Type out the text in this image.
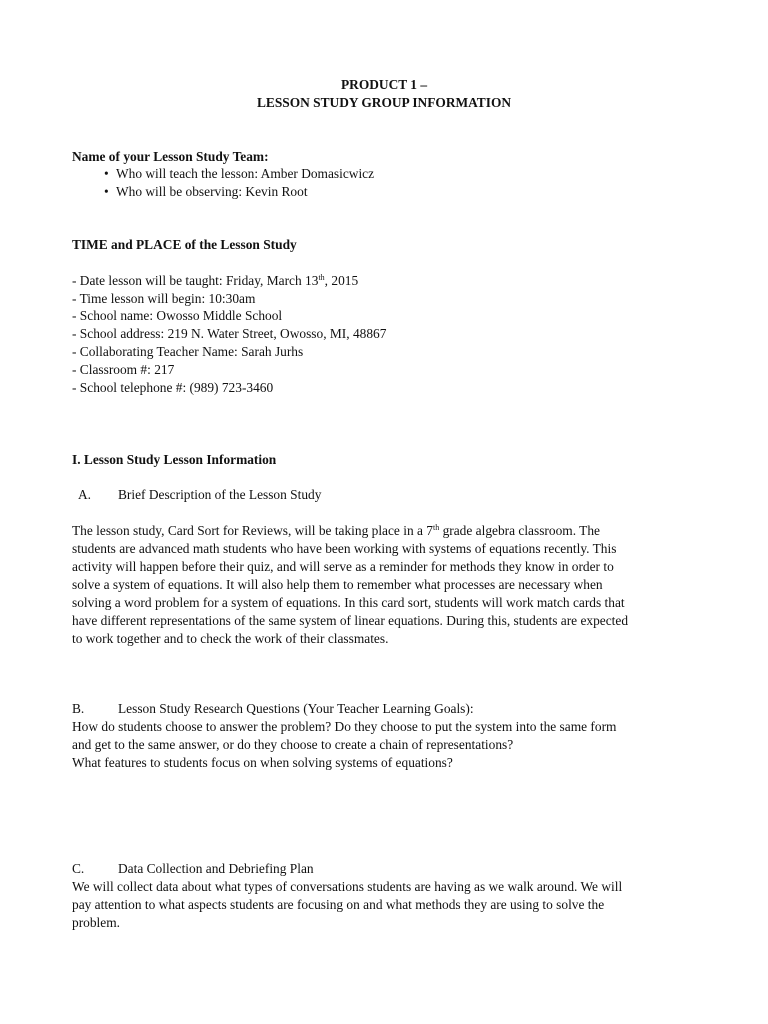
PRODUCT 1 –
LESSON STUDY GROUP INFORMATION
Name of your Lesson Study Team:
• Who will teach the lesson: Amber Domasicwicz
• Who will be observing: Kevin Root
TIME and PLACE of the Lesson Study
- Date lesson will be taught: Friday, March 13th, 2015
- Time lesson will begin: 10:30am
- School name: Owosso Middle School
- School address: 219 N. Water Street, Owosso, MI, 48867
- Collaborating Teacher Name: Sarah Jurhs
- Classroom #: 217
- School telephone #: (989) 723-3460
I. Lesson Study Lesson Information
A. Brief Description of the Lesson Study
The lesson study, Card Sort for Reviews, will be taking place in a 7th grade algebra classroom. The
students are advanced math students who have been working with systems of equations recently. This
activity will happen before their quiz, and will serve as a reminder for methods they know in order to
solve a system of equations. It will also help them to remember what processes are necessary when
solving a word problem for a system of equations. In this card sort, students will work match cards that
have different representations of the same system of linear equations. During this, students are expected
to work together and to check the work of their classmates.
B.	Lesson Study Research Questions (Your Teacher Learning Goals):
How do students choose to answer the problem? Do they choose to put the system into the same form
and get to the same answer, or do they choose to create a chain of representations?
What features to students focus on when solving systems of equations?
C.	Data Collection and Debriefing Plan
We will collect data about what types of conversations students are having as we walk around. We will
pay attention to what aspects students are focusing on and what methods they are using to solve the
problem.
